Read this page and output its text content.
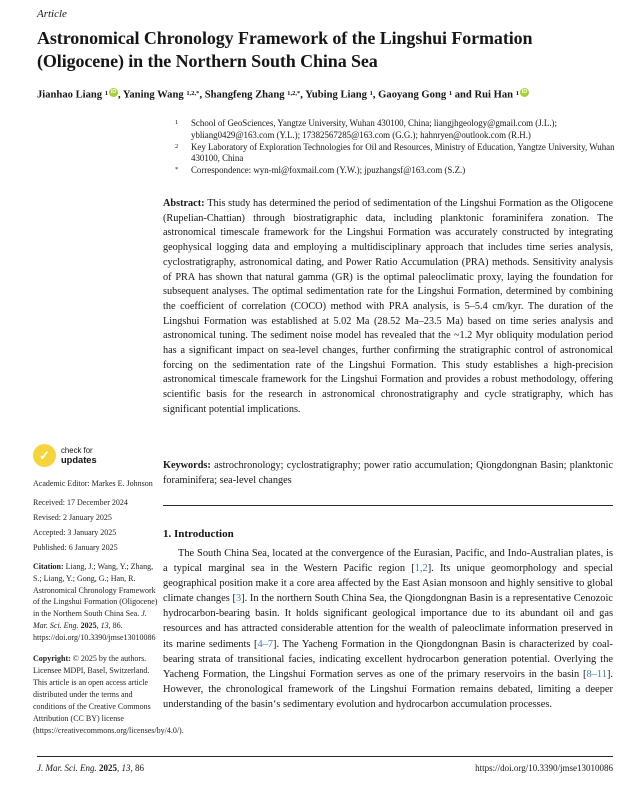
Article
Astronomical Chronology Framework of the Lingshui Formation (Oligocene) in the Northern South China Sea
Jianhao Liang $^1$ iD , Yaning Wang $^{1,2,*}$, Shangfeng Zhang $^{1,2,*}$, Yubing Liang $^1$, Gaoyang Gong $^1$ and Rui Han $^1$ iD
1	School of GeoSciences, Yangtze University, Wuhan 430100, China; liangjhgeology@gmail.com (J.L.); ybliang0429@163.com (Y.L.); 17382567285@163.com (G.G.); hahnryen@outlook.com (R.H.)
2	Key Laboratory of Exploration Technologies for Oil and Resources, Ministry of Education, Yangtze University, Wuhan 430100, China
*	Correspondence: wyn-ml@foxmail.com (Y.W.); jpuzhangsf@163.com (S.Z.)
Abstract: This study has determined the period of sedimentation of the Lingshui Formation as the Oligocene (Rupelian-Chattian) through biostratigraphic data, including planktonic foraminifera zonation. The astronomical timescale framework for the Lingshui Formation was accurately constructed by integrating geophysical logging data and employing a multidisciplinary approach that includes time series analysis, cyclostratigraphy, astronomical dating, and Power Ratio Accumulation (PRA) methods. Sensitivity analysis of PRA has shown that natural gamma (GR) is the optimal paleoclimatic proxy, laying the foundation for subsequent analyses. The optimal sedimentation rate for the Lingshui Formation, determined by combining the coefficient of correlation (COCO) method with PRA analysis, is 5–5.4 cm/kyr. The duration of the Lingshui Formation was established at 5.02 Ma (28.52 Ma–23.5 Ma) based on time series analysis and astronomical tuning. The sediment noise model has revealed that the ~1.2 Myr obliquity modulation period has a significant impact on sea-level changes, further confirming the stratigraphic control of astronomical forcing on the sedimentation rate of the Lingshui Formation. This study establishes a high-precision astronomical timescale framework for the Lingshui Formation and provides a robust methodology, offering scientific basis for the research in astronomical chronostratigraphy and cycle stratigraphy, which has significant potential implications.
Keywords: astrochronology; cyclostratigraphy; power ratio accumulation; Qiongdongnan Basin; planktonic foraminifera; sea-level changes
1. Introduction
The South China Sea, located at the convergence of the Eurasian, Pacific, and Indo-Australian plates, is a typical marginal sea in the Western Pacific region [1,2]. Its unique geomorphology and special geographical position make it a core area affected by the East Asian monsoon and highly sensitive to global climate changes [3]. In the northern South China Sea, the Qiongdongnan Basin is a representative Cenozoic hydrocarbon-bearing basin. It holds significant geological importance due to its abundant oil and gas resources and has attracted considerable attention for the wealth of paleoclimate information preserved in its marine sediments [4–7]. The Yacheng Formation in the Qiongdongnan Basin is characterized by coal-bearing strata of transitional facies, indicating excellent hydrocarbon generation potential. Overlying the Yacheng Formation, the Lingshui Formation serves as one of the primary reservoirs in the basin [8–11]. However, the chronological framework of the Lingshui Formation remains debated, limiting a deeper understanding of the basin‘s sedimentary evolution and hydrocarbon accumulation processes.
✓	check for
updates
Academic Editor: Markes E. Johnson
Received: 17 December 2024
Revised: 2 January 2025
Accepted: 3 January 2025
Published: 6 January 2025
Citation: Liang, J.; Wang, Y.; Zhang, S.; Liang, Y.; Gong, G.; Han, R. Astronomical Chronology Framework of the Lingshui Formation (Oligocene) in the Northern South China Sea. J. Mar. Sci. Eng. 2025, 13, 86. https://doi.org/10.3390/jmse13010086
Copyright: © 2025 by the authors. Licensee MDPI, Basel, Switzerland. This article is an open access article distributed under the terms and conditions of the Creative Commons Attribution (CC BY) license (https://creativecommons.org/licenses/by/4.0/).
J. Mar. Sci. Eng. 2025, 13, 86	https://doi.org/10.3390/jmse13010086
